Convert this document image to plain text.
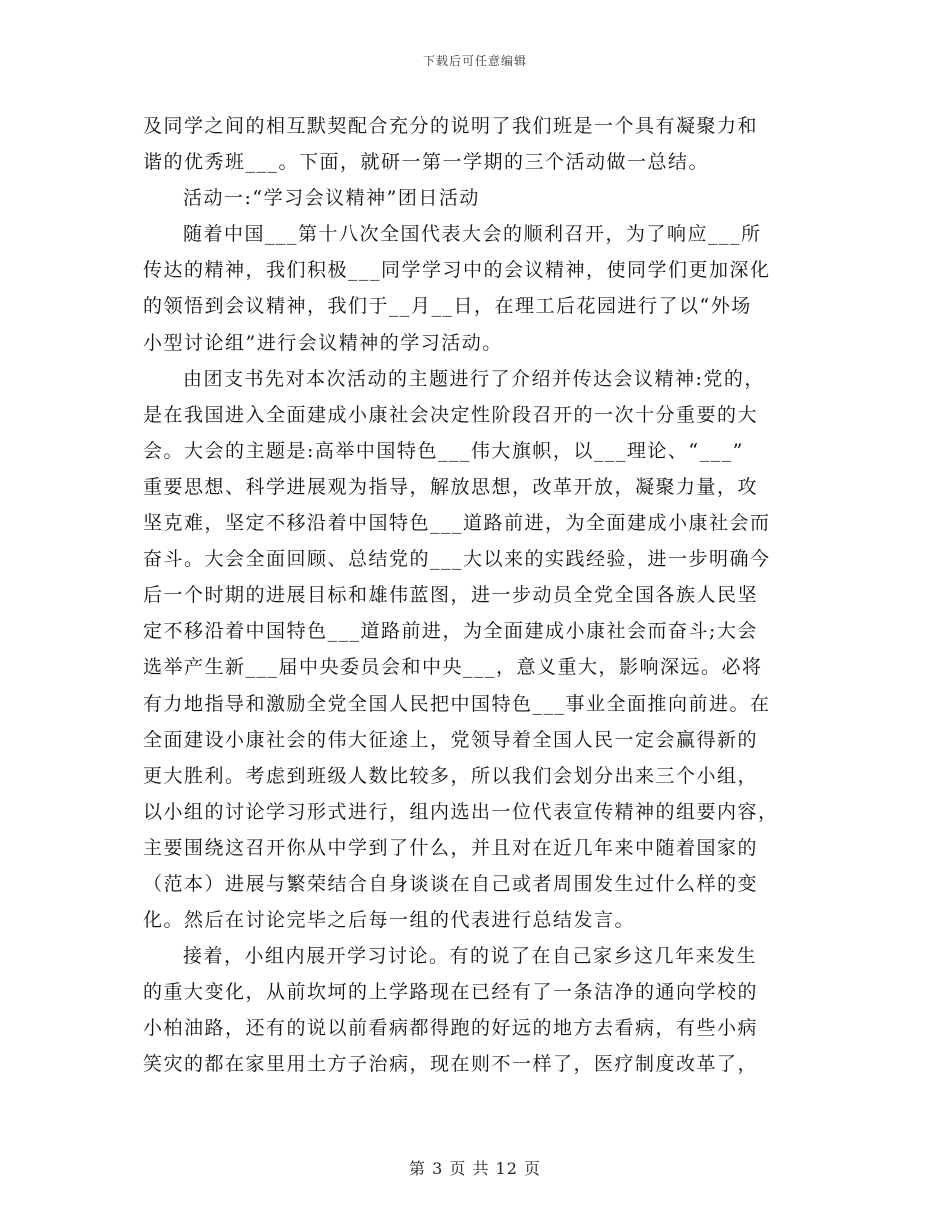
下载后可任意编辑
及同学之间的相互默契配合充分的说明了我们班是一个具有凝聚力和
谐的优秀班___。下面，就研一第一学期的三个活动做一总结。
活动一:“学习会议精神”团日活动
随着中国___第十八次全国代表大会的顺利召开，为了响应___所
传达的精神，我们积极___同学学习中的会议精神，使同学们更加深化
的领悟到会议精神，我们于__月__日，在理工后花园进行了以“外场
小型讨论组”进行会议精神的学习活动。
由团支书先对本次活动的主题进行了介绍并传达会议精神:党的，
是在我国进入全面建成小康社会决定性阶段召开的一次十分重要的大
会。大会的主题是:高举中国特色___伟大旗帜，以___理论、“___”
重要思想、科学进展观为指导，解放思想，改革开放，凝聚力量，攻
坚克难，坚定不移沿着中国特色___道路前进，为全面建成小康社会而
奋斗。大会全面回顾、总结党的___大以来的实践经验，进一步明确今
后一个时期的进展目标和雄伟蓝图，进一步动员全党全国各族人民坚
定不移沿着中国特色___道路前进，为全面建成小康社会而奋斗;大会
选举产生新___届中央委员会和中央___，意义重大，影响深远。必将
有力地指导和激励全党全国人民把中国特色___事业全面推向前进。在
全面建设小康社会的伟大征途上，党领导着全国人民一定会赢得新的
更大胜利。考虑到班级人数比较多，所以我们会划分出来三个小组，
以小组的讨论学习形式进行，组内选出一位代表宣传精神的组要内容，
主要围绕这召开你从中学到了什么，并且对在近几年来中随着国家的
（范本）进展与繁荣结合自身谈谈在自己或者周围发生过什么样的变
化。然后在讨论完毕之后每一组的代表进行总结发言。
接着，小组内展开学习讨论。有的说了在自己家乡这几年来发生
的重大变化，从前坎坷的上学路现在已经有了一条洁净的通向学校的
小柏油路，还有的说以前看病都得跑的好远的地方去看病，有些小病
笑灾的都在家里用土方子治病，现在则不一样了，医疗制度改革了，
第 3 页 共 12 页
